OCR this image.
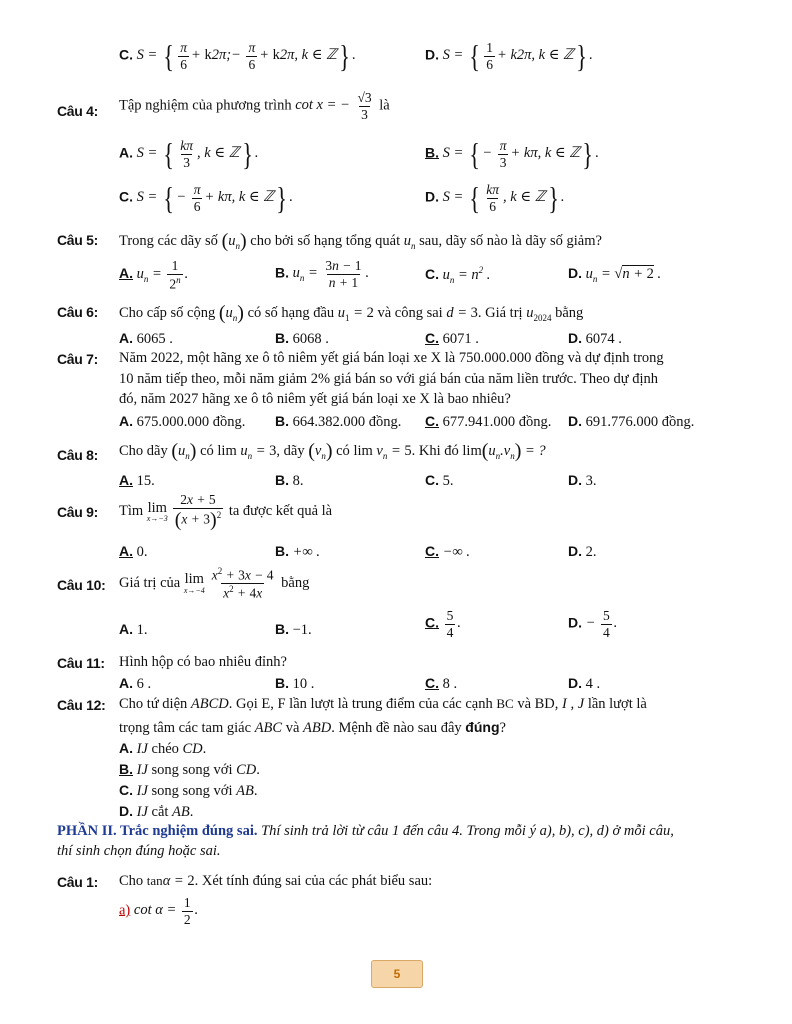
C. S = { $\frac{\pi}{6}$ + k2π;− $\frac{\pi}{6} + k2\pi$, k ∈ ℤ} .	D. S = { $\frac{1}{6} + k2\pi$, k ∈ ℤ} .
Câu 4: Tập nghiệm của phương trình cot x = − $\frac{√3}{3}$ là
A. S = { $\frac{k\pi}{3}$ , k ∈ ℤ} .	B. S = { − $\frac{\pi}{3} + k\pi$, k ∈ ℤ} .
C. S = { − $\frac{\pi}{6} + k\pi$, k ∈ ℤ} .	D. S = { $\frac{k\pi}{6}$ , k ∈ ℤ} .
Câu 5: Trong các dãy số $(u_n)$ cho bởi số hạng tổng quát $u_n$ sau, dãy số nào là dãy số giảm?
A. $u_n = \frac{1}{2^n}$ .	B. $u_n = \frac{3n - 1}{n + 1}$ .	C. $u_n = n^2$ .	D. $u_n = √n + 2$ .
Câu 6: Cho cấp số cộng $(u_n)$ có số hạng đầu $u_1 = 2$ và công sai d = 3. Giá trị $u_{2024}$ bằng
A. 6065 .	B. 6068 .	C. 6071 .	D. 6074 .
Câu 7: Năm 2022, một hãng xe ô tô niêm yết giá bán loại xe X là 750.000.000 đồng và dự định trong
10 năm tiếp theo, mỗi năm giảm 2% giá bán so với giá bán của năm liền trước. Theo dự định
đó, năm 2027 hãng xe ô tô niêm yết giá bán loại xe X là bao nhiêu?
A. 675.000.000 đồng. B. 664.382.000 đồng. C. 677.941.000 đồng. D. 691.776.000 đồng.
Câu 8: Cho dãy $(u_n)$ có $\lim u_n = 3$, dãy $(v_n)$ có $\lim v_n = 5$. Khi đó $\lim(u_n.v_n)$ = ?
A. 15.	B. 8.	C. 5.	D. 3.
Câu 9: Tìm lim
$x\to-3 \frac{2x + 5}{(x + 3)^2}$ ta được kết quả là
A. 0.	B. +∞ .	C. −∞ .	D. 2.
Câu 10: Giá trị của lim
$x\to-4 \frac{x^2 + 3x - 4}{x^2 + 4x}$ bằng
A. 1.	B. −1.	C. $\frac{5}{4}$ .	D. − $\frac{5}{4}$ .
Câu 11: Hình hộp có bao nhiêu đỉnh?
A. 6 .	B. 10 .	C. 8 .	D. 4 .
Câu 12: Cho tứ diện ABCD. Gọi E, F lần lượt là trung điểm của các cạnh BC và BD, I , J lần lượt là
trọng tâm các tam giác ABC và ABD. Mệnh đề nào sau đây đúng?
A. IJ chéo CD.
B. IJ song song với CD.
C. IJ song song với AB.
D. IJ cắt AB.
PHẦN II. Trắc nghiệm đúng sai. Thí sinh trả lời từ câu 1 đến câu 4. Trong mỗi ý a), b), c), d) ở mỗi câu,
thí sinh chọn đúng hoặc sai.
Câu 1: Cho tanα = 2. Xét tính đúng sai của các phát biểu sau:
a) $\cot \alpha = \frac{1}{2}$ .
5
